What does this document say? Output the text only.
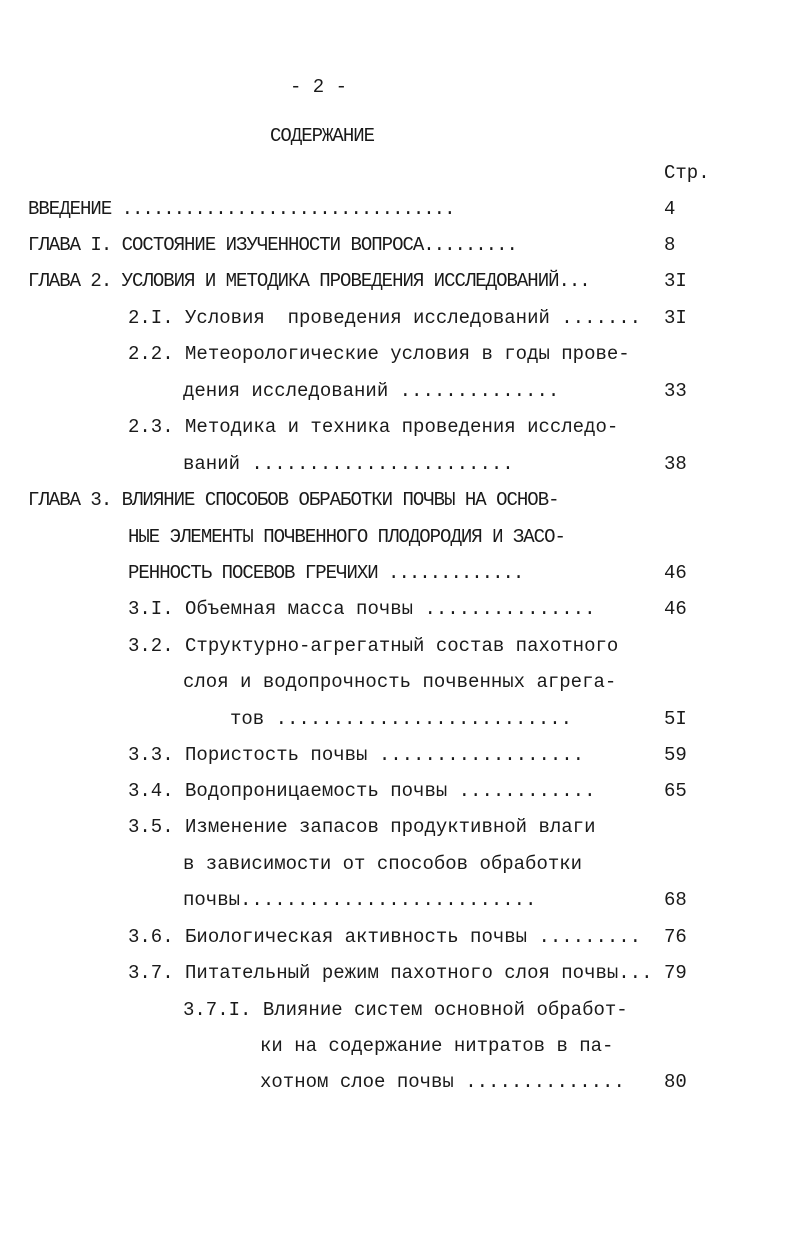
- 2 -
СОДЕРЖАНИЕ
Стр.
ВВЕДЕНИЕ ................................	4
ГЛАВА I. СОСТОЯНИЕ ИЗУЧЕННОСТИ ВОПРОСА.........	8
ГЛАВА 2. УСЛОВИЯ И МЕТОДИКА ПРОВЕДЕНИЯ ИССЛЕДОВАНИЙ...	3I
2.I. Условия  проведения исследований ....... 3I
2.2. Метеорологические условия в годы прове-
дения исследований ..............	33
2.3. Методика и техника проведения исследо-
ваний .......................	38
ГЛАВА 3. ВЛИЯНИЕ СПОСОБОВ ОБРАБОТКИ ПОЧВЫ НА ОСНОВ-
НЫЕ ЭЛЕМЕНТЫ ПОЧВЕННОГО ПЛОДОРОДИЯ И ЗАСО-
РЕННОСТЬ ПОСЕВОВ ГРЕЧИХИ .............	46
3.I. Объемная масса почвы ...............	46
3.2. Структурно-агрегатный состав пахотного
слоя и водопрочность почвенных агрега-
тов ..........................	5I
3.3. Пористость почвы ..................	59
3.4. Водопроницаемость почвы ............	65
3.5. Изменение запасов продуктивной влаги
в зависимости от способов обработки
почвы..........................	68
3.6. Биологическая активность почвы ......... 76
3.7. Питательный режим пахотного слоя почвы... 79
3.7.I. Влияние систем основной обработ-
ки на содержание нитратов в па-
хотном слое почвы .............. 80
